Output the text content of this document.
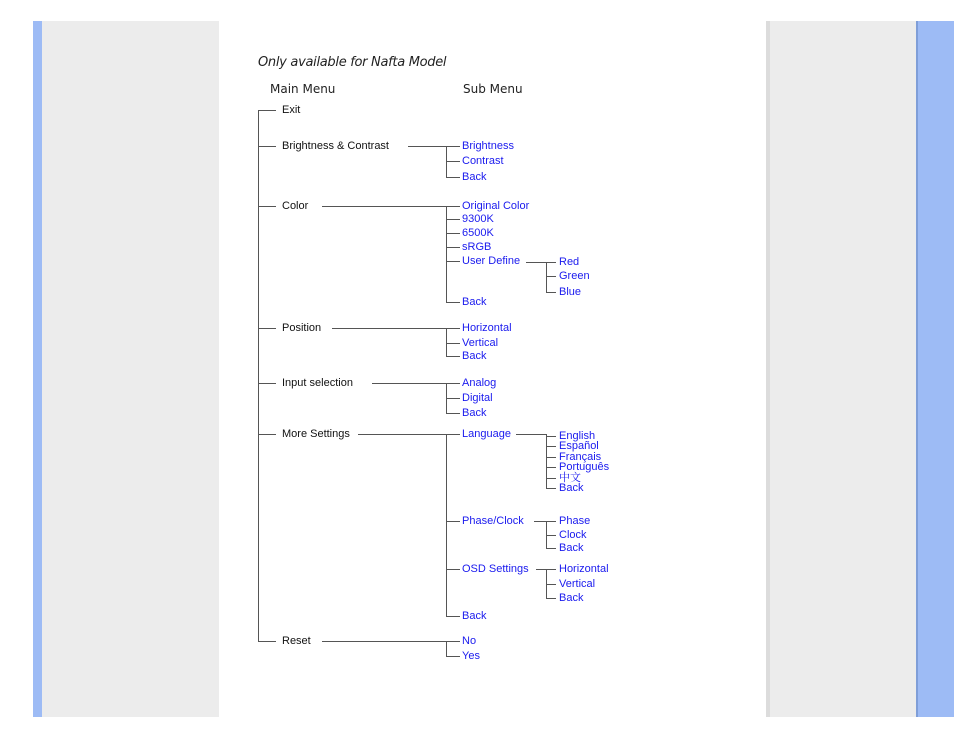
Only available for Nafta Model
Main Menu	Sub Menu
Exit
Brightness & Contrast
Color
Position
Input selection
More Settings
Reset
Brightness
Contrast
Back
Original Color
9300K
6500K
sRGB
User Define
Back
Horizontal
Vertical
Back
Analog
Digital
Back
Language
Phase/Clock
OSD Settings
Back
No
Yes
Red
Green
Blue
English
Español
Français
Português
中文
Back
Phase
Clock
Back
Horizontal
Vertical
Back
